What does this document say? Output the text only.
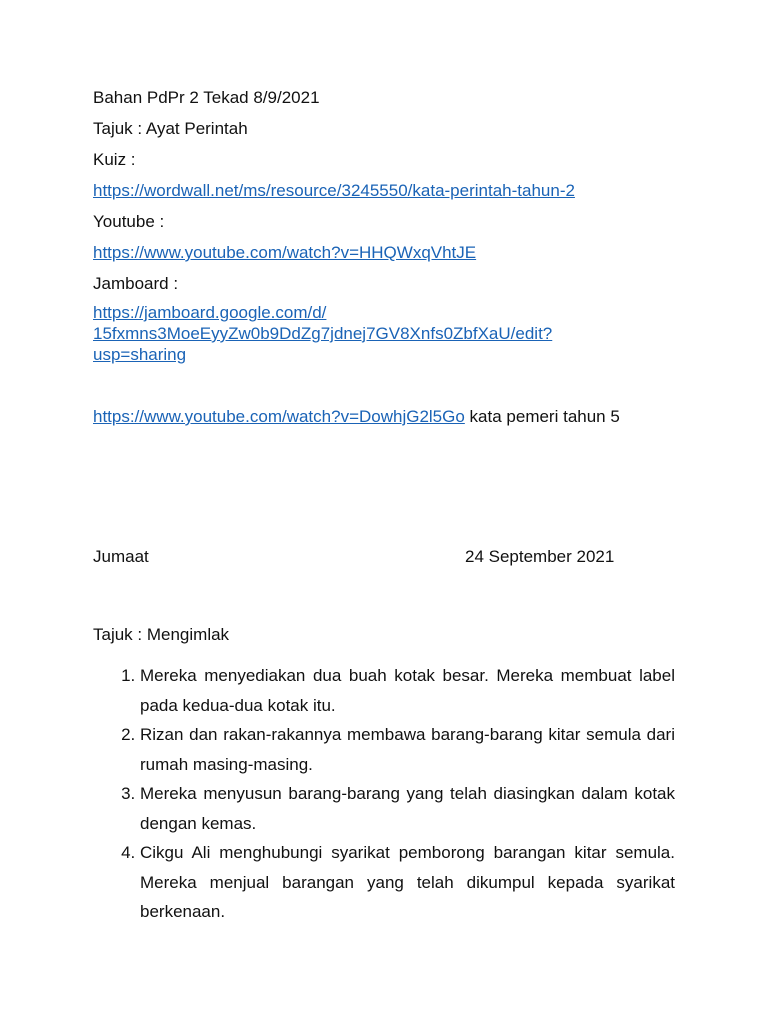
Bahan PdPr 2 Tekad 8/9/2021
Tajuk : Ayat Perintah
Kuiz :
https://wordwall.net/ms/resource/3245550/kata-perintah-tahun-2
Youtube :
https://www.youtube.com/watch?v=HHQWxqVhtJE
Jamboard :
https://jamboard.google.com/d/
15fxmns3MoeEyyZw0b9DdZg7jdnej7GV8Xnfs0ZbfXaU/edit?
usp=sharing
https://www.youtube.com/watch?v=DowhjG2l5Go kata pemeri tahun 5
Jumaat	24 September 2021
Tajuk : Mengimlak
1. Mereka menyediakan dua buah kotak besar. Mereka membuat label pada kedua-dua kotak itu.
2. Rizan dan rakan-rakannya membawa barang-barang kitar semula dari rumah masing-masing.
3. Mereka menyusun barang-barang yang telah diasingkan dalam kotak dengan kemas.
4. Cikgu Ali menghubungi syarikat pemborong barangan kitar semula. Mereka menjual barangan yang telah dikumpul kepada syarikat berkenaan.
